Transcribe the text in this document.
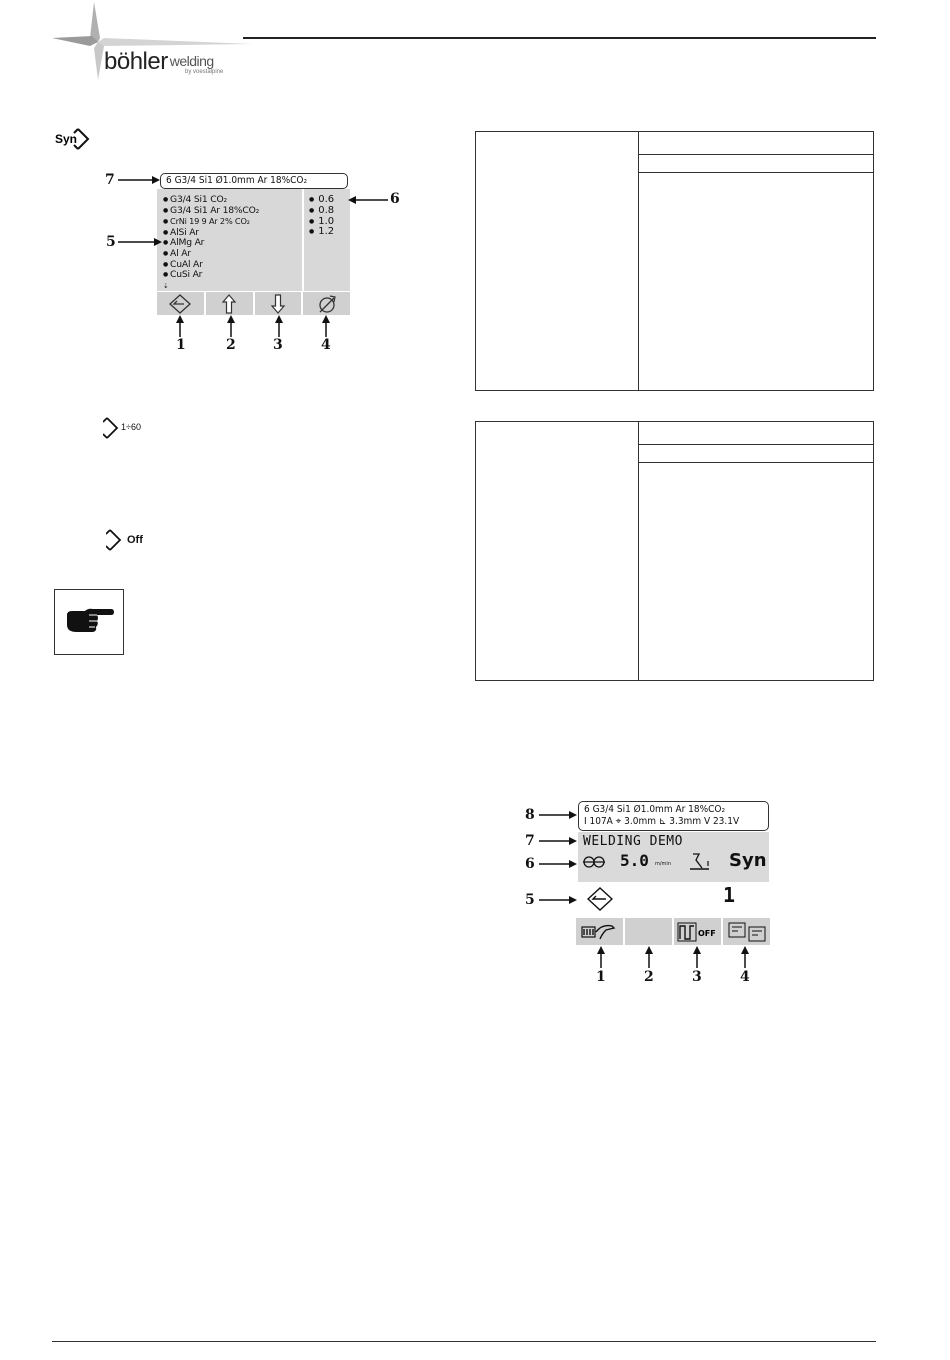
böhler welding
by voestalpine
Syn
6 G3/4 Si1 Ø1.0mm Ar 18%CO₂
● G3/4 Si1 CO₂
● G3/4 Si1 Ar 18%CO₂
● CrNi 19 9 Ar 2% CO₂
● AlSi Ar
● AlMg Ar
● Al Ar
● CuAl Ar
● CuSi Ar
⇣
● 0.6
● 0.8
● 1.0
● 1.2
7
6
5
1	2	3	4
1÷60
Off
6 G3/4 Si1 Ø1.0mm Ar 18%CO₂
I 107A ⌖ 3.0mm ⊾ 3.3mm V 23.1V
WELDING DEMO
5.0 m/min	Syn
1
OFF
8
7
6
5
1	2	3	4
